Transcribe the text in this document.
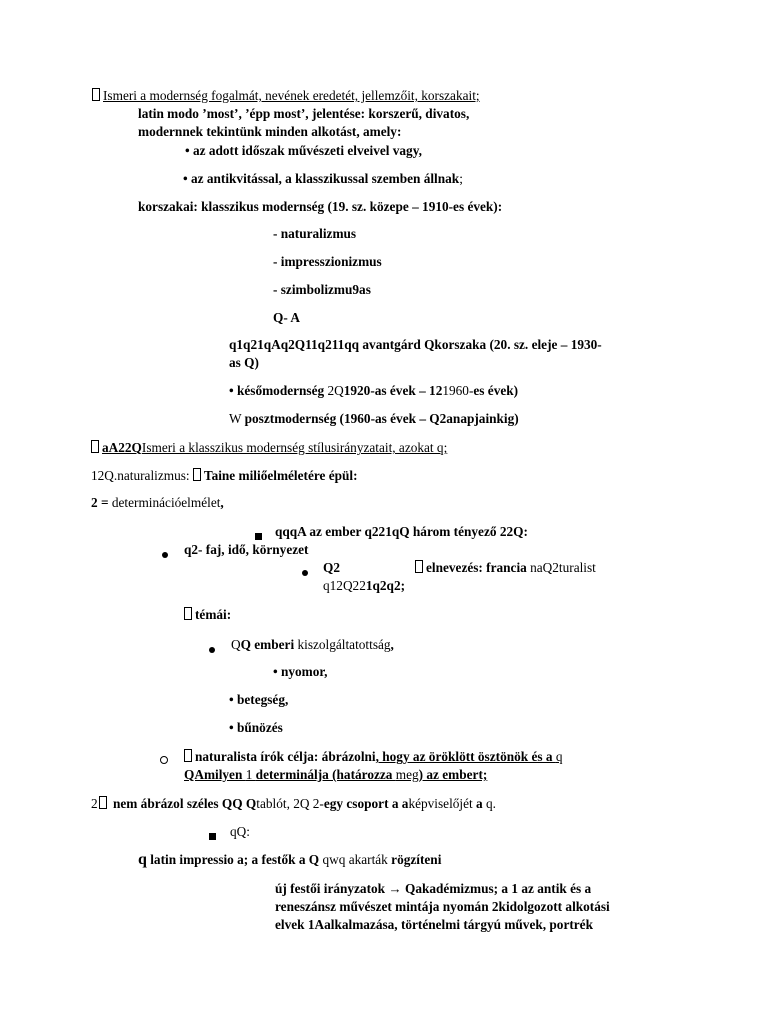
Ismeri a modernség fogalmát, nevének eredetét, jellemzőit, korszakait;
latin modo ’most’, ’épp most’, jelentése: korszerű, divatos,
modernnek tekintünk minden alkotást, amely:
• az adott időszak művészeti elveivel vagy,
• az antikvitással, a klasszikussal szemben állnak;
korszakai: klasszikus modernség (19. sz. közepe – 1910-es évek):
- naturalizmus
- impresszionizmus
- szimbolizmu9as
Q- A
q1q21qAq2Q11q211qq avantgárd Qkorszaka (20. sz. eleje – 1930-
as Q)
• későmodernség 2Q1920-as évek – 121960-es évek)
W posztmodernség (1960-as évek – Q2anapjainkig)
aA22QIsmeri a klasszikus modernség stílusirányzatait, azokat q;
12Q.naturalizmus: Taine miliőelméletére épül:
2 = determinációelmélet,
qqqA az ember q221qQ három tényező 22Q:
q2- faj, idő, környezet
Q2	elnevezés: francia naQ2turalist
q12Q221q2q2;
témái:
QQ emberi kiszolgáltatottság,
• nyomor,
• betegség,
• bűnözés
naturalista írók célja: ábrázolni, hogy az öröklött ösztönök és a q
QAmilyen 1 determinálja (határozza meg) az embert;
2 nem ábrázol széles QQ Qtablót, 2Q 2-egy csoport a aképviselőjét a q.
qQ:
q latin impressio a; a festők a Q qwq akarták rögzíteni
új festői irányzatok → Qakadémizmus; a 1 az antik és a
reneszánsz művészet mintája nyomán 2kidolgozott alkotási
elvek 1Aalkalmazása, történelmi tárgyú művek, portrék
